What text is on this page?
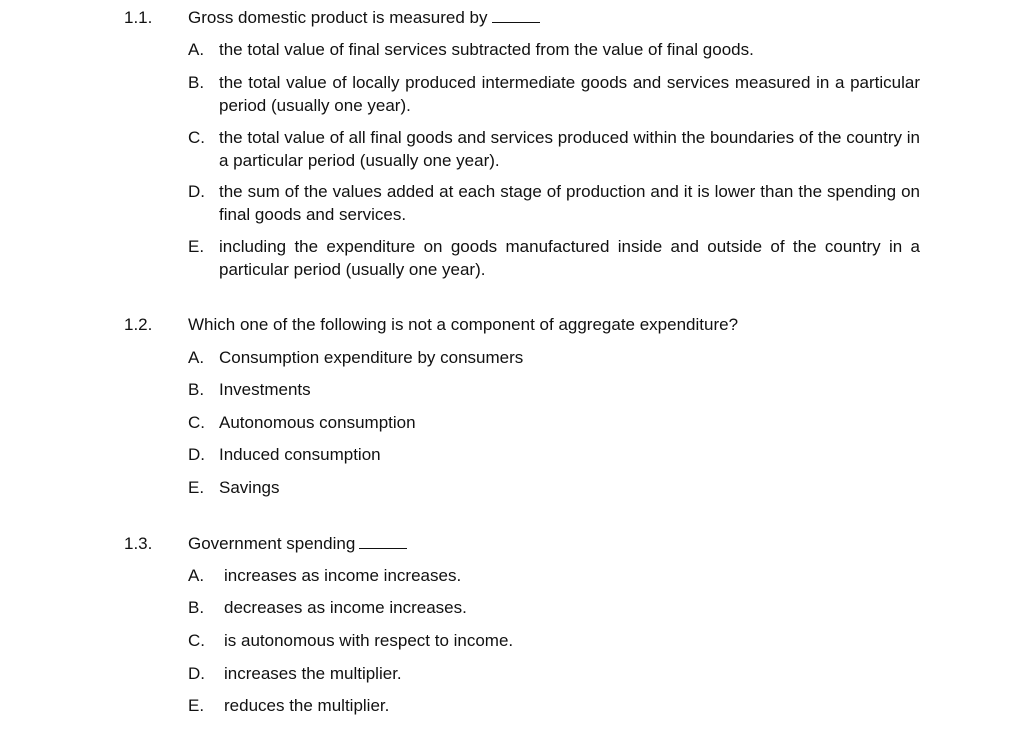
1.1. Gross domestic product is measured by
A. the total value of final services subtracted from the value of final goods.
B. the total value of locally produced intermediate goods and services measured in a particular period (usually one year).
C. the total value of all final goods and services produced within the boundaries of the country in a particular period (usually one year).
D. the sum of the values added at each stage of production and it is lower than the spending on final goods and services.
E. including the expenditure on goods manufactured inside and outside of the country in a particular period (usually one year).
1.2. Which one of the following is not a component of aggregate expenditure?
A. Consumption expenditure by consumers
B. Investments
C. Autonomous consumption
D. Induced consumption
E. Savings
1.3. Government spending
A. increases as income increases.
B. decreases as income increases.
C. is autonomous with respect to income.
D. increases the multiplier.
E. reduces the multiplier.
